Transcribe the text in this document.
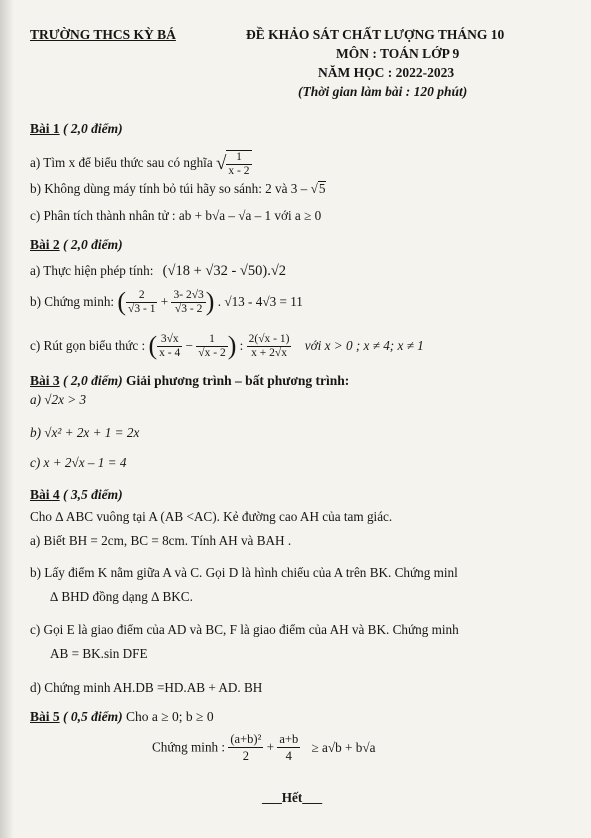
TRƯỜNG THCS KỲ BÁ	ĐỀ KHẢO SÁT CHẤT LƯỢNG THÁNG 10
MÔN : TOÁN LỚP 9
NĂM HỌC : 2022-2023
(Thời gian làm bài : 120 phút)
Bài 1 ( 2,0 điểm)
a) Tìm x để biểu thức sau có nghĩa √ $\frac{1}{x - 2}$
b) Không dùng máy tính bỏ túi hãy so sánh: 2 và 3 – √5
c) Phân tích thành nhân tử : ab + b√a – √a – 1 với a ≥ 0
Bài 2 ( 2,0 điểm)
a) Thực hiện phép tính: (√18 + √32 - √50).√2
b) Chứng minh: ( $\frac{2}{√3 - 1} + \frac{3- 2√3}{√3 - 2}$ ) . √13 - 4√3 = 11
c) Rút gọn biểu thức : ( $\frac{3√x}{x - 4} - \frac{1}{√x - 2}$ ) : $\frac{2(√x - 1)}{x + 2√x}$ với x > 0 ; x ≠ 4; x ≠ 1
Bài 3 ( 2,0 điểm) Giải phương trình – bất phương trình:
a) √2x > 3
b) √x² + 2x + 1 = 2x
c) x + 2√x – 1 = 4
Bài 4 ( 3,5 điểm)
Cho ∆ ABC vuông tại A (AB <AC). Kẻ đường cao AH của tam giác.
a) Biết BH = 2cm, BC = 8cm. Tính AH và BAH .
b) Lấy điểm K nằm giữa A và C. Gọi D là hình chiếu của A trên BK. Chứng minl
∆ BHD đồng dạng ∆ BKC.
c) Gọi E là giao điểm của AD và BC, F là giao điểm của AH và BK. Chứng minh
AB = BK.sin DFE
d) Chứng minh AH.DB =HD.AB + AD. BH
Bài 5 ( 0,5 điểm) Cho a ≥ 0; b ≥ 0
Chứng minh : $\frac{\text{(a+b)²}}{2} + \frac{a+b}{4} \ge a√b + b√a$
___Hết___
